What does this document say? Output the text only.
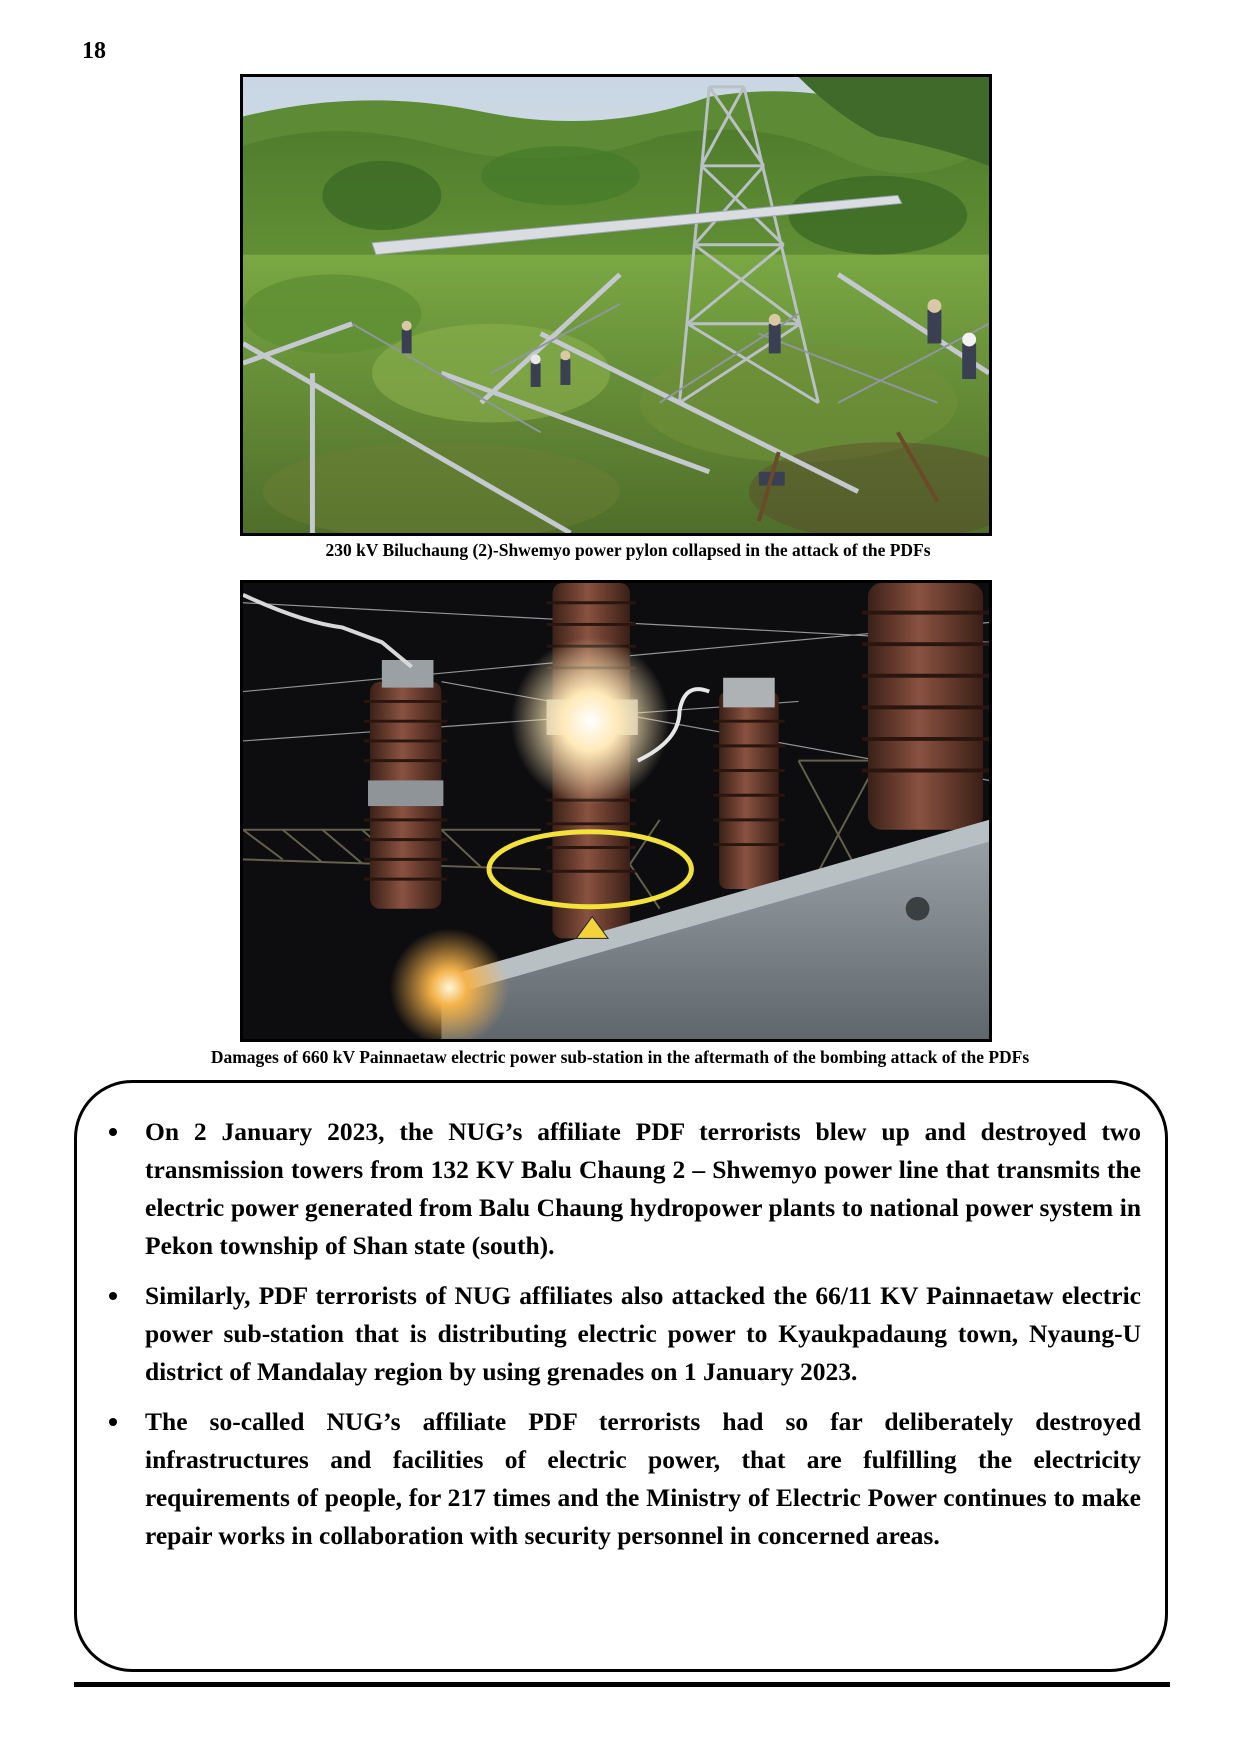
18
230 kV Biluchaung (2)-Shwemyo power pylon collapsed in the attack of the PDFs
Damages of 660 kV Painnaetaw electric power sub-station in the aftermath of the bombing attack of the PDFs
On 2 January 2023, the NUG’s affiliate PDF terrorists blew up and destroyed two transmission towers from 132 KV Balu Chaung 2 – Shwemyo power line that transmits the electric power generated from Balu Chaung hydropower plants to national power system in Pekon township of Shan state (south).
Similarly, PDF terrorists of NUG affiliates also attacked the 66/11 KV Painnaetaw electric power sub-station that is distributing electric power to Kyaukpadaung town, Nyaung-U district of Mandalay region by using grenades on 1 January 2023.
The so-called NUG’s affiliate PDF terrorists had so far deliberately destroyed infrastructures and facilities of electric power, that are fulfilling the electricity requirements of people, for 217 times and the Ministry of Electric Power continues to make repair works in collaboration with security personnel in concerned areas.
